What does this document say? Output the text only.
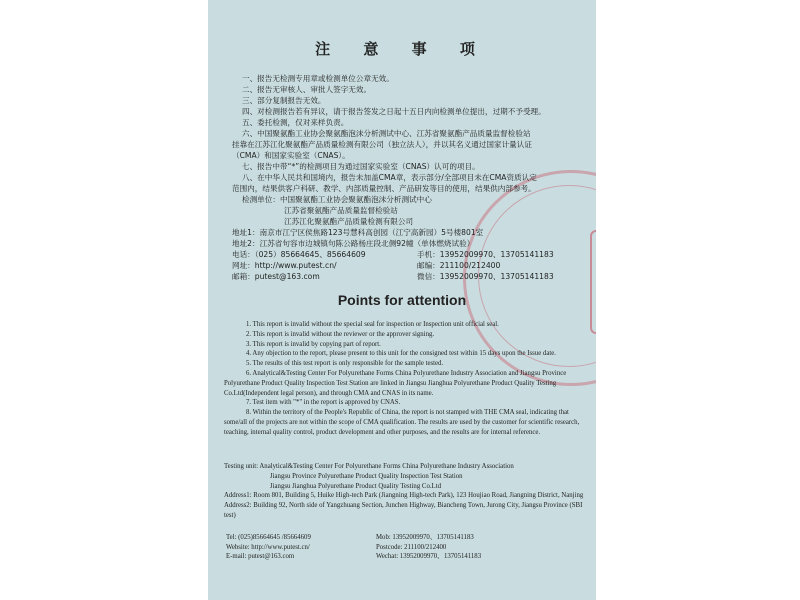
注 意 事 项
一、报告无检测专用章或检测单位公章无效。
二、报告无审核人、审批人签字无效。
三、部分复制报告无效。
四、对检测报告若有异议，请于报告签发之日起十五日内向检测单位提出，过期不予受理。
五、委托检测，仅对来样负责。
六、中国聚氨酯工业协会聚氨酯泡沫分析测试中心、江苏省聚氨酯产品质量监督检验站
挂靠在江苏江化聚氨酯产品质量检测有限公司（独立法人），并以其名义通过国家计量认证
（CMA）和国家实验室（CNAS）。
七、报告中带“*”的检测项目为通过国家实验室（CNAS）认可的项目。
八、在中华人民共和国境内，报告未加盖CMA章，表示部分/全部项目未在CMA资质认定
范围内，结果供客户科研、教学、内部质量控制、产品研发等目的使用，结果供内部参考。
检测单位：中国聚氨酯工业协会聚氨酯泡沫分析测试中心
江苏省聚氨酯产品质量监督检验站
江苏江化聚氨酯产品质量检测有限公司
地址1：南京市江宁区侯焦路123号慧科高创园（江宁高新园）5号楼801室
地址2：江苏省句容市边城镇句陈公路杨庄段北侧92幢（单体燃烧试验）
电话：（025）85664645、85664609	手机：13952009970、13705141183
网址：http://www.putest.cn/	邮编：211100/212400
邮箱：putest@163.com	微信：13952009970、13705141183
Points for attention

1. This report is invalid without the special seal for inspection or Inspection unit official seal.

2. This report is invalid without the reviewer or the approver signing.

3. This report is invalid by copying part of report.

4. Any objection to the report, please present to this unit for the consigned test within 15 days upon the Issue date.

5. The results of this test report is only responsible for the sample tested.

6. Analytical&Testing Center For Polyurethane Forms China Polyurethane Industry Association and Jiangsu Province Polyurethane Product Quality Inspection Test Station are linked in Jiangsu Jianghua Polyurethane Product Quality Testing Co.Ltd(Independent legal person), and through CMA and CNAS in its name.

7. Test item with "*" in the report is approved by CNAS.

8. Within the territory of the People's Republic of China, the report is not stamped with THE CMA seal, indicating that some/all of the projects are not within the scope of CMA qualification. The results are used by the customer for scientific research, teaching, internal quality control, product development and other purposes, and the results are for internal reference.

Testing unit: Analytical&Testing Center For Polyurethane Forms China Polyurethane Industry Association

Jiangsu Province Polyurethane Product Quality Inspection Test Station

Jiangsu Jianghua Polyurethane Product Quality Testing Co.Ltd

Address1: Room 801, Building 5, Huike High-tech Park (Jiangning High-tech Park), 123 Houjiao Road, Jiangning District, Nanjing

Address2: Building 92, North side of Yangzhuang Section, Junchen Highway, Biancheng Town, Jurong City, Jiangsu Province (SBI test)

Tel: (025)85664645 /85664609	Mob: 13952009970、13705141183
Website: http://www.putest.cn/	Postcode: 211100/212400
E-mail: putest@163.com	Wechat: 13952009970、13705141183
